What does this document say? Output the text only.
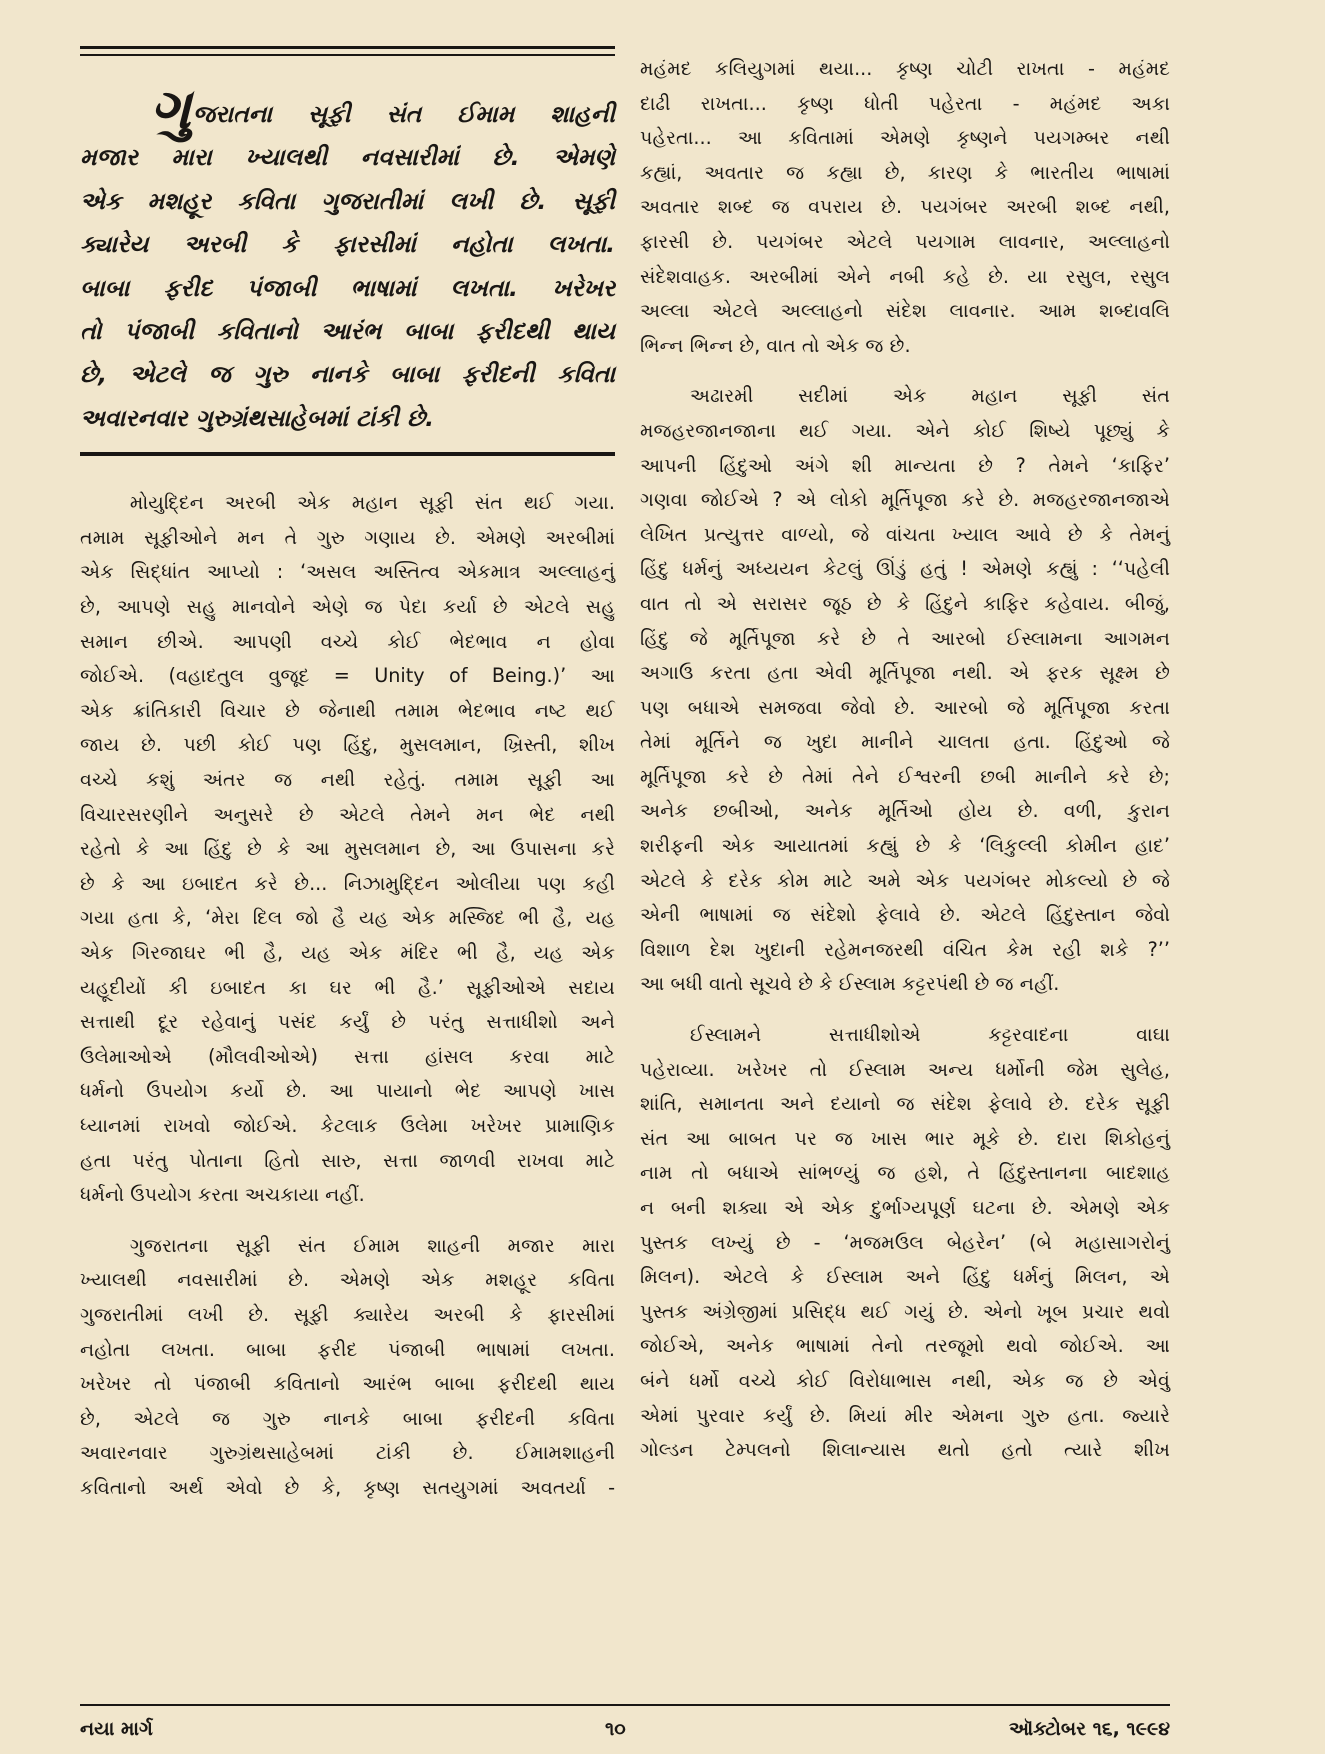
ગુજરાતના સૂફી સંત ઈમામ શાહની
મજાર મારા ખ્યાલથી નવસારીમાં છે. એમણે
એક મશહૂર કવિતા ગુજરાતીમાં લખી છે. સૂફી
ક્યારેય અરબી કે ફારસીમાં નહોતા લખતા.
બાબા ફરીદ પંજાબી ભાષામાં લખતા. ખરેખર
તો પંજાબી કવિતાનો આરંભ બાબા ફરીદથી થાય
છે, એટલે જ ગુરુ નાનકે બાબા ફરીદની કવિતા
અવારનવાર ગુરુગ્રંથસાહેબમાં ટાંકી છે.
મોયુદ્દિન અરબી એક મહાન સૂફી સંત થઈ ગયા.
તમામ સૂફીઓને મન તે ગુરુ ગણાય છે. એમણે અરબીમાં
એક સિદ્ધાંત આપ્યો : ‘અસલ અસ્તિત્વ એકમાત્ર અલ્લાહનું
છે, આપણે સહુ માનવોને એણે જ પેદા કર્યા છે એટલે સહુ
સમાન છીએ. આપણી વચ્ચે કોઈ ભેદભાવ ન હોવા
જોઈએ. (વહાદતુલ વુજૂદ = Unity of Being.)’ આ
એક ક્રાંતિકારી વિચાર છે જેનાથી તમામ ભેદભાવ નષ્ટ થઈ
જાય છે. પછી કોઈ પણ હિંદુ, મુસલમાન, ખ્રિસ્તી, શીખ
વચ્ચે કશું અંતર જ નથી રહેતું. તમામ સૂફી આ
વિચારસરણીને અનુસરે છે એટલે તેમને મન ભેદ નથી
રહેતો કે આ હિંદુ છે કે આ મુસલમાન છે, આ ઉપાસના કરે
છે કે આ ઇબાદત કરે છે... નિઝામુદ્દિન ઓલીયા પણ કહી
ગયા હતા કે, ‘મેરા દિલ જો હૈ યહ એક મસ્જિદ ભી હૈ, યહ
એક ગિરજાઘર ભી હૈ, યહ એક મંદિર ભી હૈ, યહ એક
યહૂદીયોં કી ઇબાદત કા ઘર ભી હૈ.’ સૂફીઓએ સદાય
સત્તાથી દૂર રહેવાનું પસંદ કર્યું છે પરંતુ સત્તાધીશો અને
ઉલેમાઓએ (મૌલવીઓએ) સત્તા હાંસલ કરવા માટે
ધર્મનો ઉપયોગ કર્યો છે. આ પાયાનો ભેદ આપણે ખાસ
ધ્યાનમાં રાખવો જોઈએ. કેટલાક ઉલેમા ખરેખર પ્રામાણિક
હતા પરંતુ પોતાના હિતો સારુ, સત્તા જાળવી રાખવા માટે
ધર્મનો ઉપયોગ કરતા અચકાયા નહીં.
ગુજરાતના સૂફી સંત ઈમામ શાહની મજાર મારા
ખ્યાલથી નવસારીમાં છે. એમણે એક મશહૂર કવિતા
ગુજરાતીમાં લખી છે. સૂફી ક્યારેય અરબી કે ફારસીમાં
નહોતા લખતા. બાબા ફરીદ પંજાબી ભાષામાં લખતા.
ખરેખર તો પંજાબી કવિતાનો આરંભ બાબા ફરીદથી થાય
છે, એટલે જ ગુરુ નાનકે બાબા ફરીદની કવિતા
અવારનવાર ગુરુગ્રંથસાહેબમાં ટાંકી છે. ઈમામશાહની
કવિતાનો અર્થ એવો છે કે, કૃષ્ણ સતયુગમાં અવતર્યા -
મહંમદ કલિયુગમાં થયા... કૃષ્ણ ચોટી રાખતા - મહંમદ
દાઢી રાખતા... કૃષ્ણ ધોતી પહેરતા - મહંમદ અકા
પહેરતા... આ કવિતામાં એમણે કૃષ્ણને પયગમ્બર નથી
કહ્યાં, અવતાર જ કહ્યા છે, કારણ કે ભારતીય ભાષામાં
અવતાર શબ્દ જ વપરાય છે. પયગંબર અરબી શબ્દ નથી,
ફારસી છે. પયગંબર એટલે પયગામ લાવનાર, અલ્લાહનો
સંદેશવાહક. અરબીમાં એને નબી કહે છે. યા રસુલ, રસુલ
અલ્લા એટલે અલ્લાહનો સંદેશ લાવનાર. આમ શબ્દાવલિ
ભિન્ન ભિન્ન છે, વાત તો એક જ છે.
અઢારમી સદીમાં એક મહાન સૂફી સંત
મજહરજાનજાના થઈ ગયા. એને કોઈ શિષ્યે પૂછ્યું કે
આપની હિંદુઓ અંગે શી માન્યતા છે ? તેમને ‘કાફિર’
ગણવા જોઈએ ? એ લોકો મૂર્તિપૂજા કરે છે. મજહરજાનજાએ
લેખિત પ્રત્યુત્તર વાળ્યો, જે વાંચતા ખ્યાલ આવે છે કે તેમનું
હિંદુ ધર્મનું અધ્યયન કેટલું ઊંડું હતું ! એમણે કહ્યું : ‘‘પહેલી
વાત તો એ સરાસર જૂઠ છે કે હિંદુને કાફિર કહેવાય. બીજું,
હિંદુ જે મૂર્તિપૂજા કરે છે તે આરબો ઈસ્લામના આગમન
અગાઉ કરતા હતા એવી મૂર્તિપૂજા નથી. એ ફરક સૂક્ષ્મ છે
પણ બધાએ સમજવા જેવો છે. આરબો જે મૂર્તિપૂજા કરતા
તેમાં મૂર્તિને જ ખુદા માનીને ચાલતા હતા. હિંદુઓ જે
મૂર્તિપૂજા કરે છે તેમાં તેને ઈશ્વરની છબી માનીને કરે છે;
અનેક છબીઓ, અનેક મૂર્તિઓ હોય છે. વળી, કુરાન
શરીફની એક આયાતમાં કહ્યું છે કે ‘લિકુલ્લી કોમીન હાદ’
એટલે કે દરેક કોમ માટે અમે એક પયગંબર મોકલ્યો છે જે
એની ભાષામાં જ સંદેશો ફેલાવે છે. એટલે હિંદુસ્તાન જેવો
વિશાળ દેશ ખુદાની રહેમનજરથી વંચિત કેમ રહી શકે ?’’
આ બધી વાતો સૂચવે છે કે ઈસ્લામ કટ્ટરપંથી છે જ નહીં.
ઈસ્લામને સત્તાધીશોએ કટ્ટરવાદના વાઘા
પહેરાવ્યા. ખરેખર તો ઈસ્લામ અન્ય ધર્મોની જેમ સુલેહ,
શાંતિ, સમાનતા અને દયાનો જ સંદેશ ફેલાવે છે. દરેક સૂફી
સંત આ બાબત પર જ ખાસ ભાર મૂકે છે. દારા શિકોહનું
નામ તો બધાએ સાંભળ્યું જ હશે, તે હિંદુસ્તાનના બાદશાહ
ન બની શક્યા એ એક દુર્ભાગ્યપૂર્ણ ઘટના છે. એમણે એક
પુસ્તક લખ્યું છે - ‘મજમઉલ બેહરેન’ (બે મહાસાગરોનું
મિલન). એટલે કે ઈસ્લામ અને હિંદુ ધર્મનું મિલન, એ
પુસ્તક અંગ્રેજીમાં પ્રસિદ્ધ થઈ ગયું છે. એનો ખૂબ પ્રચાર થવો
જોઈએ, અનેક ભાષામાં તેનો તરજૂમો થવો જોઈએ. આ
બંને ધર્મો વચ્ચે કોઈ વિરોધાભાસ નથી, એક જ છે એવું
એમાં પુરવાર કર્યું છે. મિયાં મીર એમના ગુરુ હતા. જ્યારે
ગોલ્ડન ટેમ્પલનો શિલાન્યાસ થતો હતો ત્યારે શીખ
નયા માર્ગ	૧૦	ઑક્ટોબર ૧૬, ૧૯૯૪
